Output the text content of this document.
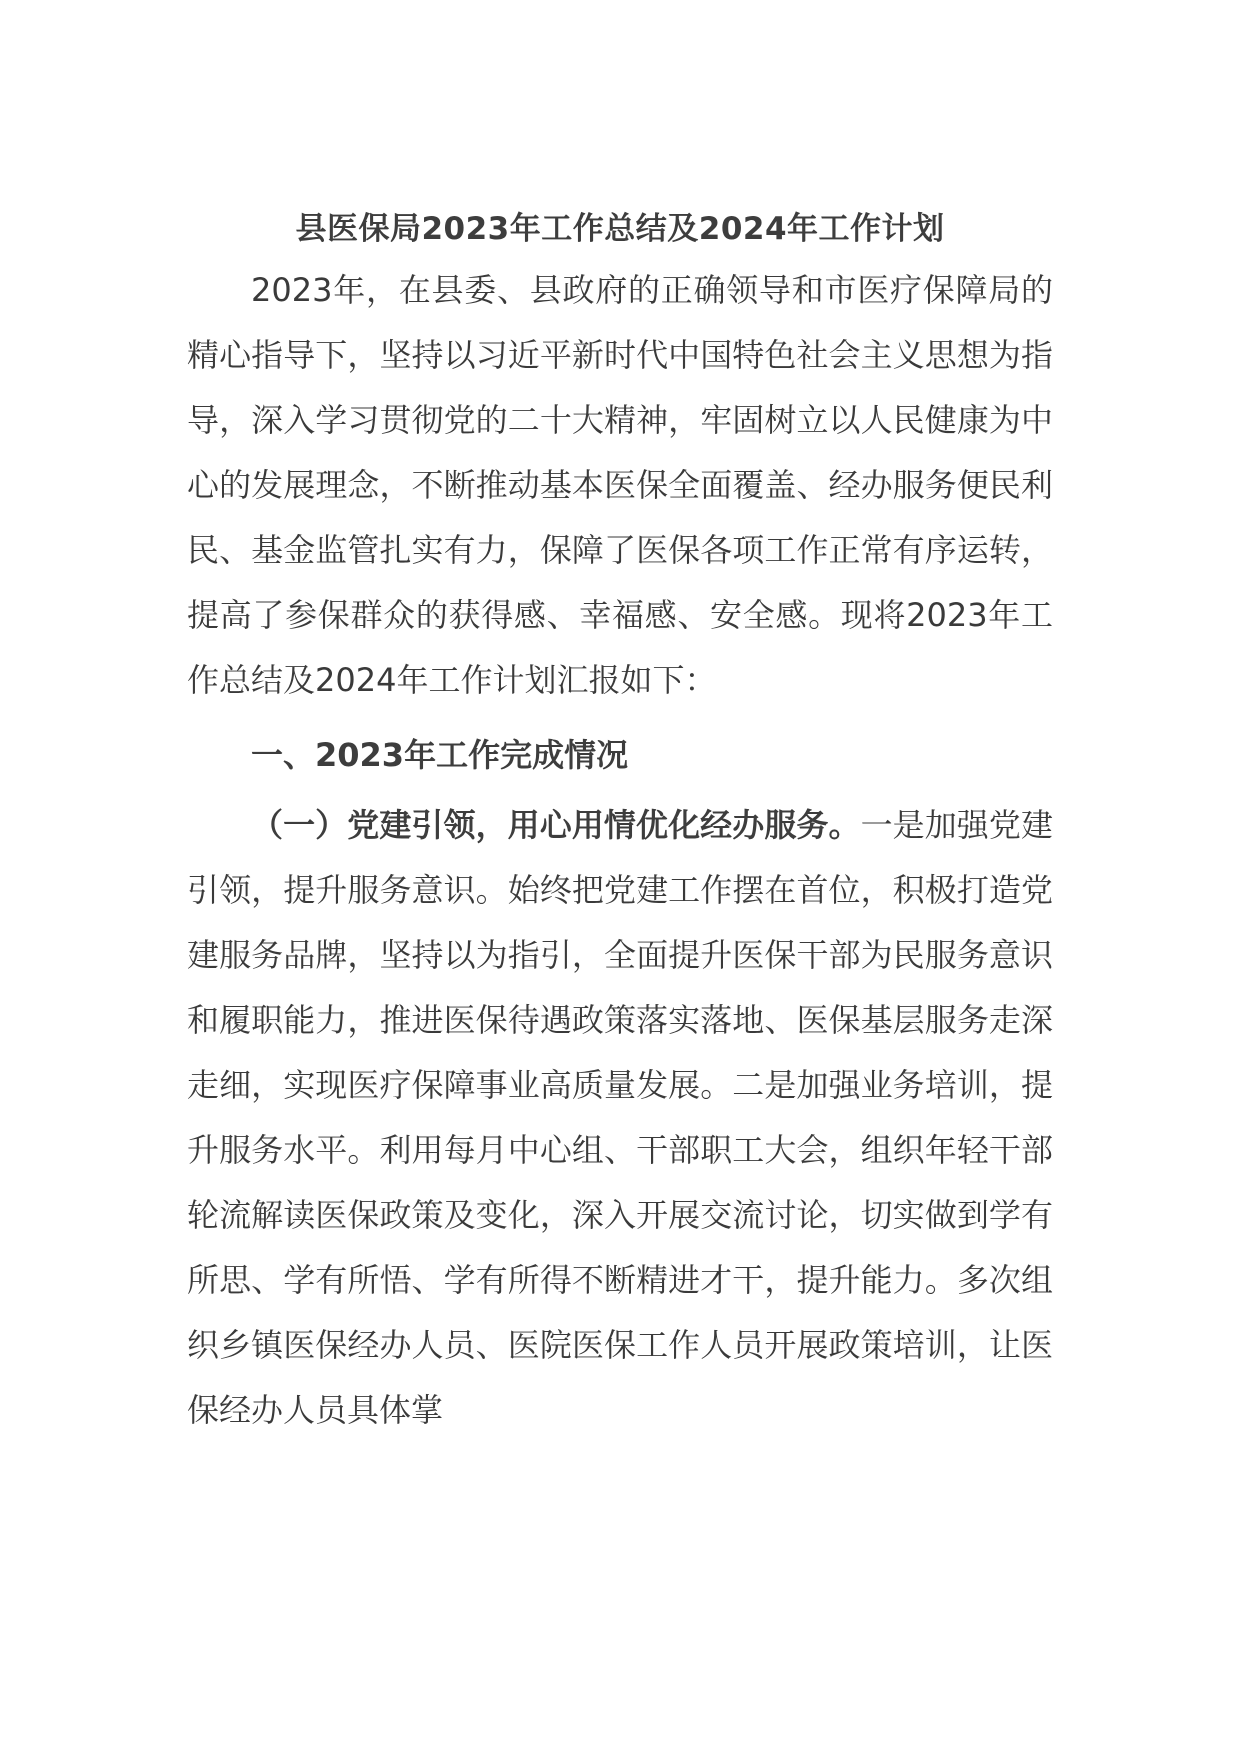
县医保局2023年工作总结及2024年工作计划

2023年，在县委、县政府的正确领导和市医疗保障局的精心指导下，坚持以习近平新时代中国特色社会主义思想为指导，深入学习贯彻党的二十大精神，牢固树立以人民健康为中心的发展理念，不断推动基本医保全面覆盖、经办服务便民利民、基金监管扎实有力，保障了医保各项工作正常有序运转，提高了参保群众的获得感、幸福感、安全感。现将2023年工作总结及2024年工作计划汇报如下：

一、2023年工作完成情况

（一）党建引领，用心用情优化经办服务。一是加强党建引领，提升服务意识。始终把党建工作摆在首位，积极打造党建服务品牌，坚持以为指引，全面提升医保干部为民服务意识和履职能力，推进医保待遇政策落实落地、医保基层服务走深走细，实现医疗保障事业高质量发展。二是加强业务培训，提升服务水平。利用每月中心组、干部职工大会，组织年轻干部轮流解读医保政策及变化，深入开展交流讨论，切实做到学有所思、学有所悟、学有所得不断精进才干，提升能力。多次组织乡镇医保经办人员、医院医保工作人员开展政策培训，让医保经办人员具体掌
